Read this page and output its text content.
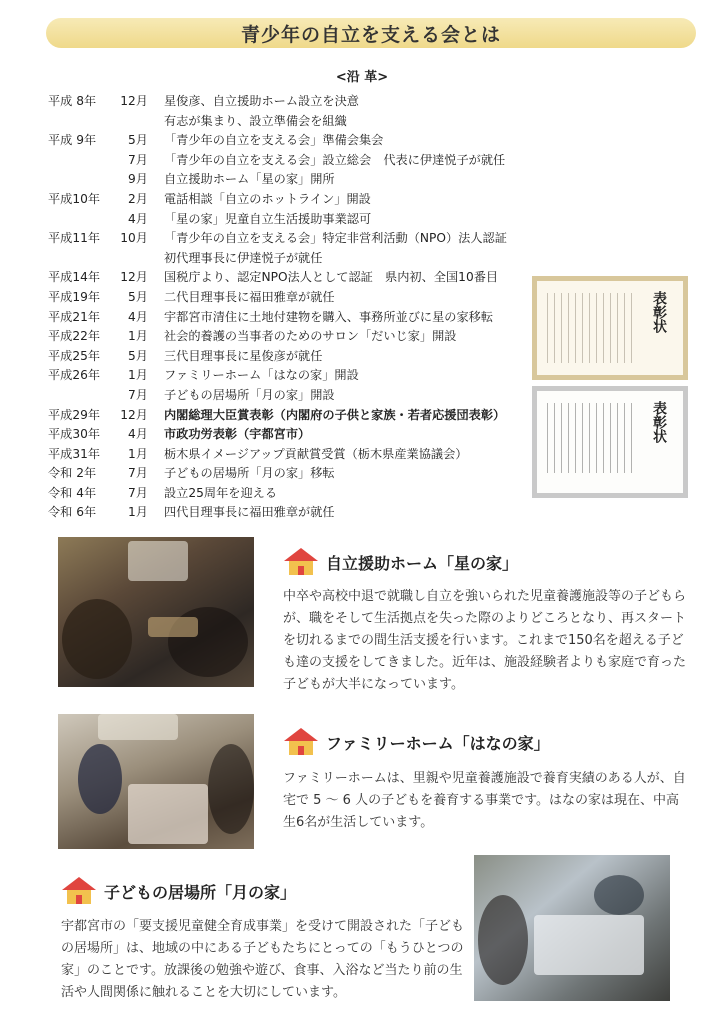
青少年の自立を支える会とは
<沿 革>
平成 8年 12月	星俊彦、自立援助ホーム設立を決意
有志が集まり、設立準備会を組織
平成 9年	5月	「青少年の自立を支える会」準備会集会
7月	「青少年の自立を支える会」設立総会　代表に伊達悦子が就任
9月	自立援助ホーム「星の家」開所
平成10年 2月	電話相談「自立のホットライン」開設
4月	「星の家」児童自立生活援助事業認可
平成11年 10月	「青少年の自立を支える会」特定非営利活動（NPO）法人認証
初代理事長に伊達悦子が就任
平成14年 12月	国税庁より、認定NPO法人として認証　県内初、全国10番目
平成19年 5月	二代目理事長に福田雅章が就任
平成21年 4月	宇都宮市清住に土地付建物を購入、事務所並びに星の家移転
平成22年 1月	社会的養護の当事者のためのサロン「だいじ家」開設
平成25年 5月	三代目理事長に星俊彦が就任
平成26年 1月	ファミリーホーム「はなの家」開設
7月	子どもの居場所「月の家」開設
平成29年 12月	内閣総理大臣賞表彰（内閣府の子供と家族・若者応援団表彰）
平成30年 4月	市政功労表彰（宇都宮市）
平成31年 1月	栃木県イメージアップ貢献賞受賞（栃木県産業協議会）
令和 2年	7月	子どもの居場所「月の家」移転
令和 4年	7月	設立25周年を迎える
令和 6年	1月	四代目理事長に福田雅章が就任
表彰状
表彰状
自立援助ホーム「星の家」
中卒や高校中退で就職し自立を強いられた児童養護施設等の子どもらが、職をそして生活拠点を失った際のよりどころとなり、再スタートを切れるまでの間生活支援を行います。これまで150名を超える子ども達の支援をしてきました。近年は、施設経験者よりも家庭で育った子どもが大半になっています。
ファミリーホーム「はなの家」
ファミリーホームは、里親や児童養護施設で養育実績のある人が、自宅で 5 ～ 6 人の子どもを養育する事業です。はなの家は現在、中高生6名が生活しています。
子どもの居場所「月の家」
宇都宮市の「要支援児童健全育成事業」を受けて開設された「子どもの居場所」は、地域の中にある子どもたちにとっての「もうひとつの家」のことです。放課後の勉強や遊び、食事、入浴など当たり前の生活や人間関係に触れることを大切にしています。
